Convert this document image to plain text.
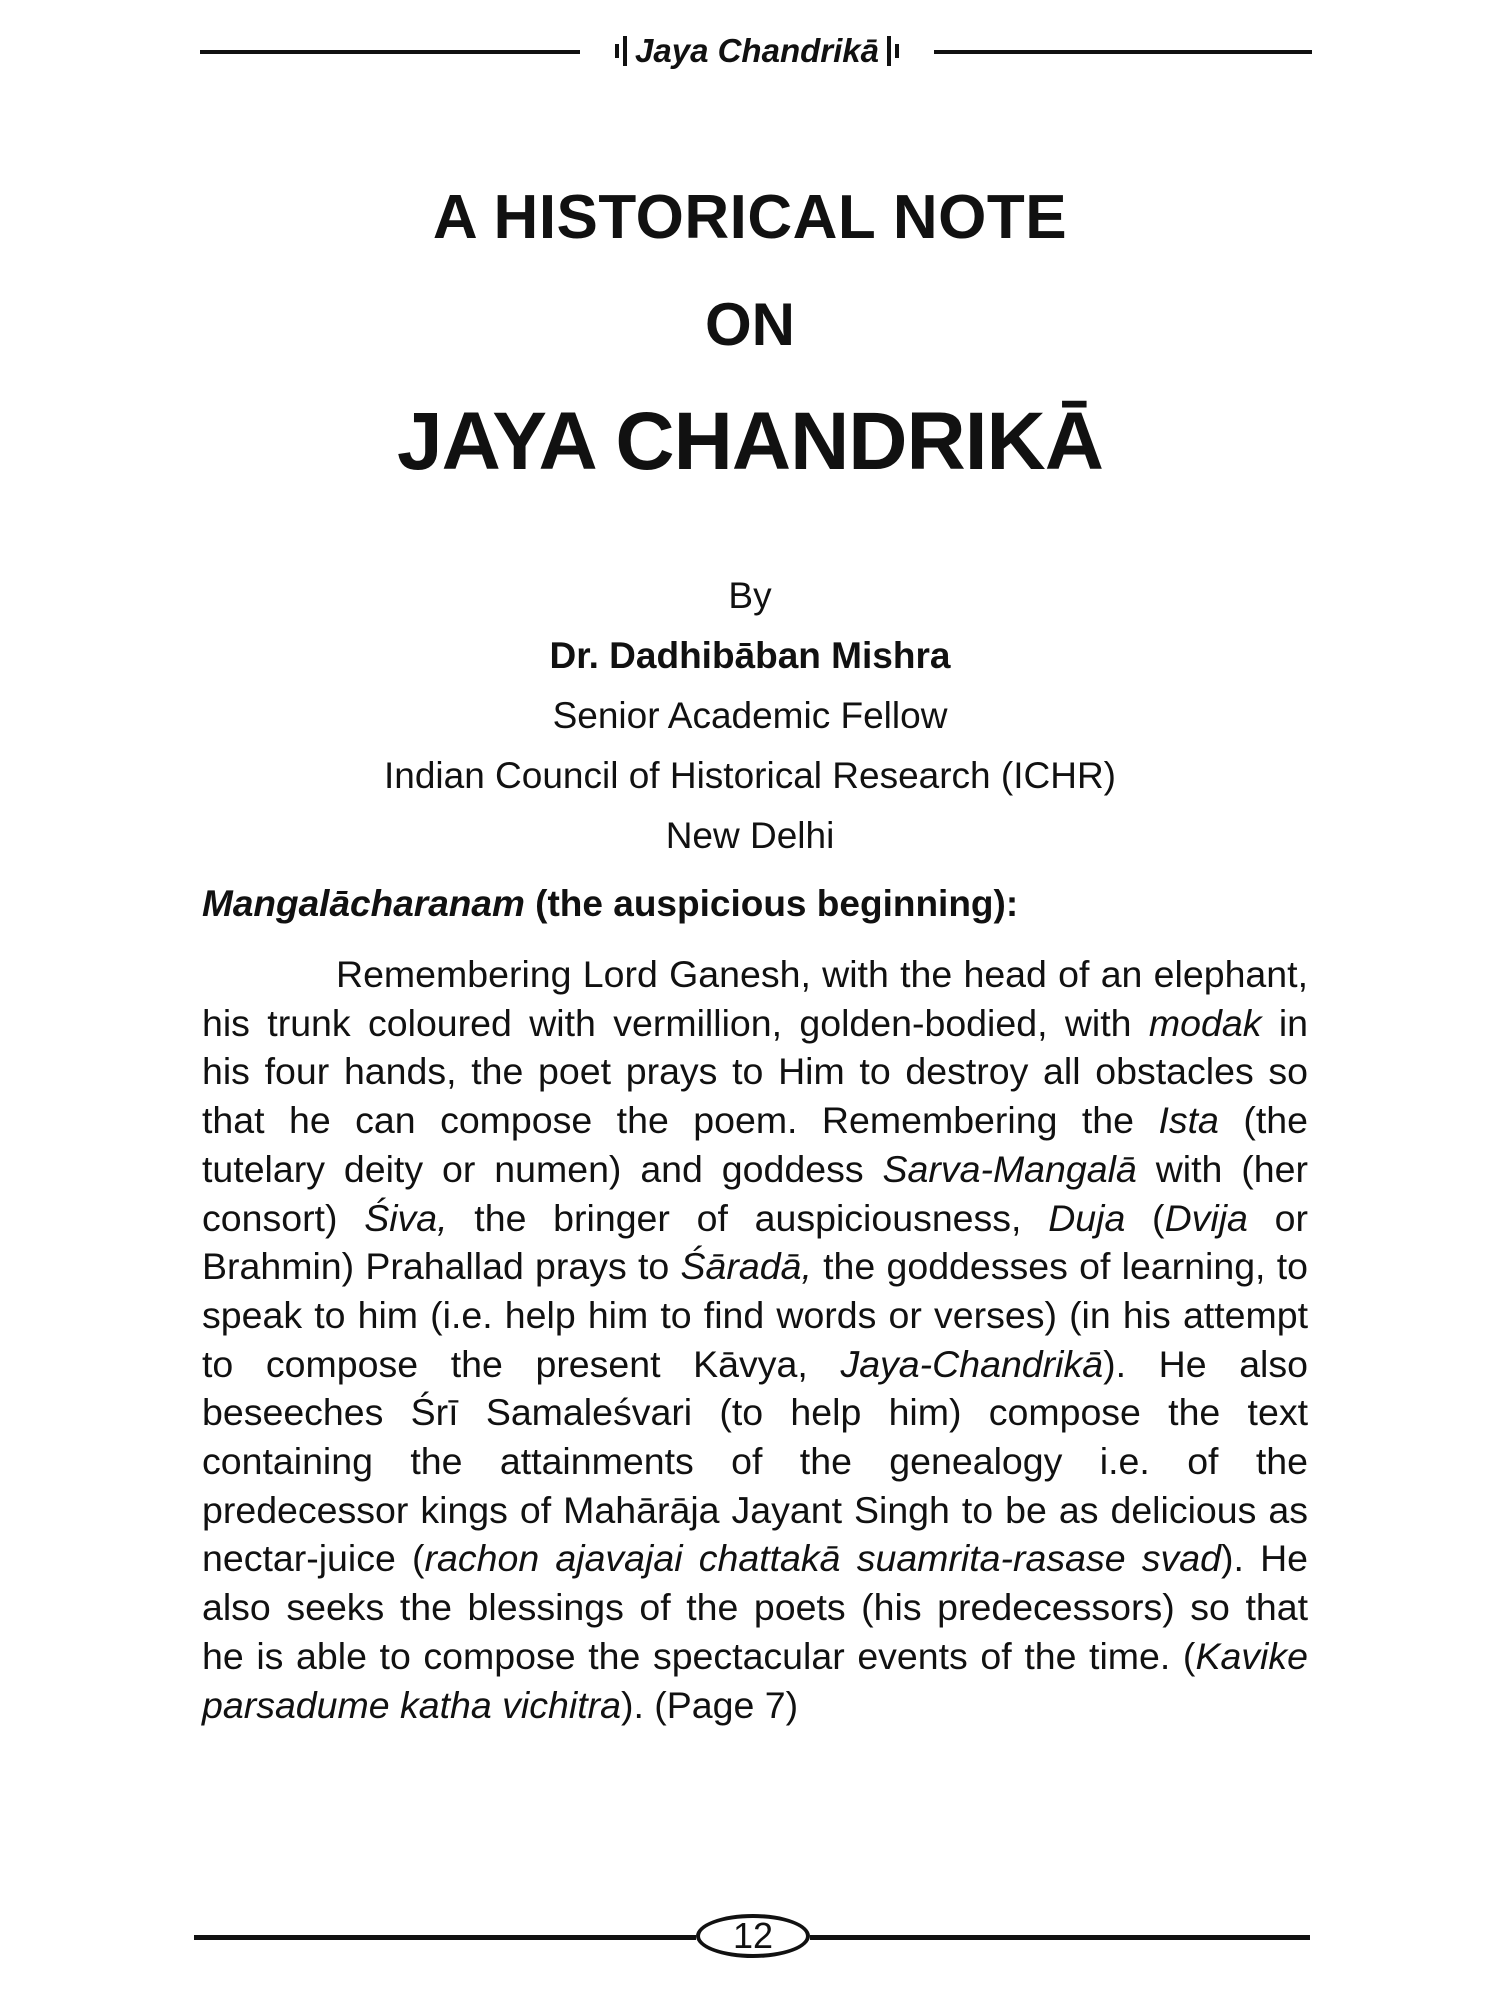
Jaya Chandrikā
A HISTORICAL NOTE
ON
JAYA CHANDRIKĀ
By
Dr. Dadhibāban Mishra
Senior Academic Fellow
Indian Council of Historical Research (ICHR)
New Delhi
Mangalācharanam (the auspicious beginning):

Remembering Lord Ganesh, with the head of an elephant, his trunk coloured with vermillion, golden-bodied, with modak in his four hands, the poet prays to Him to destroy all obstacles so that he can compose the poem. Remembering the Ista (the tutelary deity or numen) and goddess Sarva-Mangalā with (her consort) Śiva, the bringer of auspiciousness, Duja (Dvija or Brahmin) Prahallad prays to Śāradā, the goddesses of learning, to speak to him (i.e. help him to find words or verses) (in his attempt to compose the present Kāvya, Jaya-Chandrikā). He also beseeches Śrī Samaleśvari (to help him) compose the text containing the attainments of the genealogy i.e. of the predecessor kings of Mahārāja Jayant Singh to be as delicious as nectar-juice (rachon ajavajai chattakā suamrita-rasase svad). He also seeks the blessings of the poets (his predecessors) so that he is able to compose the spectacular events of the time. (Kavike parsadume katha vichitra). (Page 7)

12
